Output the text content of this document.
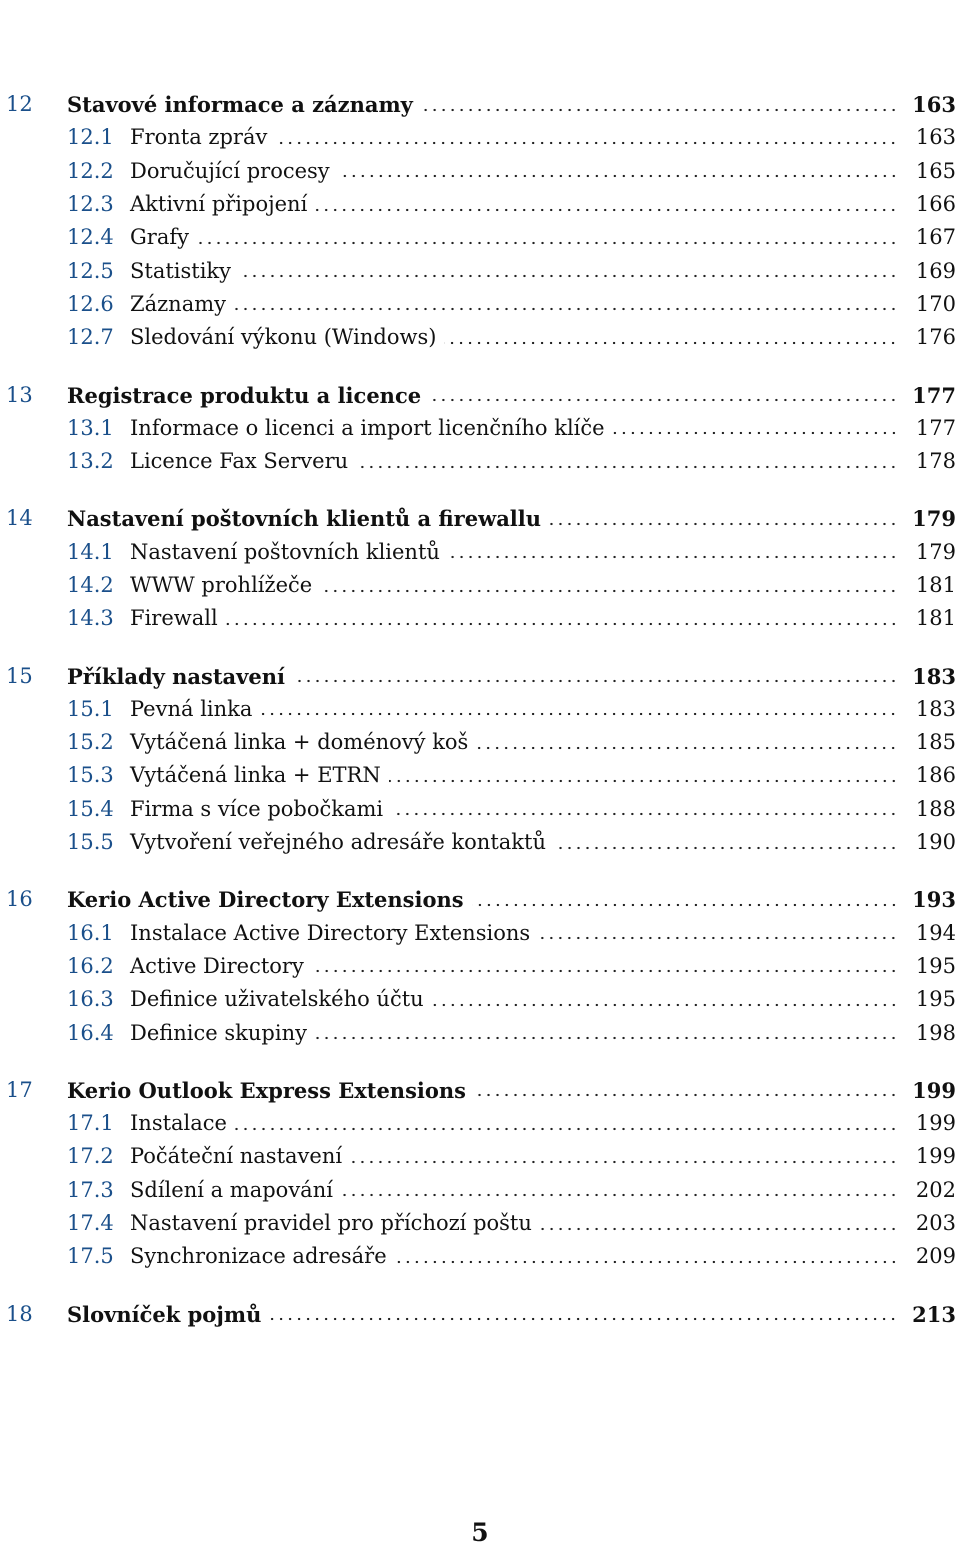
12 Stavové informace a záznamy	163
12.1 Fronta zpráv	163
12.2 Doručující procesy	165
12.3 Aktivní připojení	166
12.4 Grafy	167
12.5 Statistiky	169
12.6 Záznamy	170
12.7 Sledování výkonu (Windows)	176
13 Registrace produktu a licence	177
13.1 Informace o licenci a import licenčního klíče	177
13.2 Licence Fax Serveru	178
14 Nastavení poštovních klientů a firewallu	179
14.1 Nastavení poštovních klientů	179
14.2 WWW prohlížeče	181
14.3 Firewall	181
15 Příklady nastavení	183
15.1 Pevná linka	183
15.2 Vytáčená linka + doménový koš	185
15.3 Vytáčená linka + ETRN	186
15.4 Firma s více pobočkami	188
15.5 Vytvoření veřejného adresáře kontaktů	190
16 Kerio Active Directory Extensions	193
16.1 Instalace Active Directory Extensions	194
16.2 Active Directory	195
16.3 Definice uživatelského účtu	195
16.4 Definice skupiny	198
17 Kerio Outlook Express Extensions	199
17.1 Instalace	199
17.2 Počáteční nastavení	199
17.3 Sdílení a mapování	202
17.4 Nastavení pravidel pro příchozí poštu	203
17.5 Synchronizace adresáře	209
18 Slovníček pojmů	213
5
